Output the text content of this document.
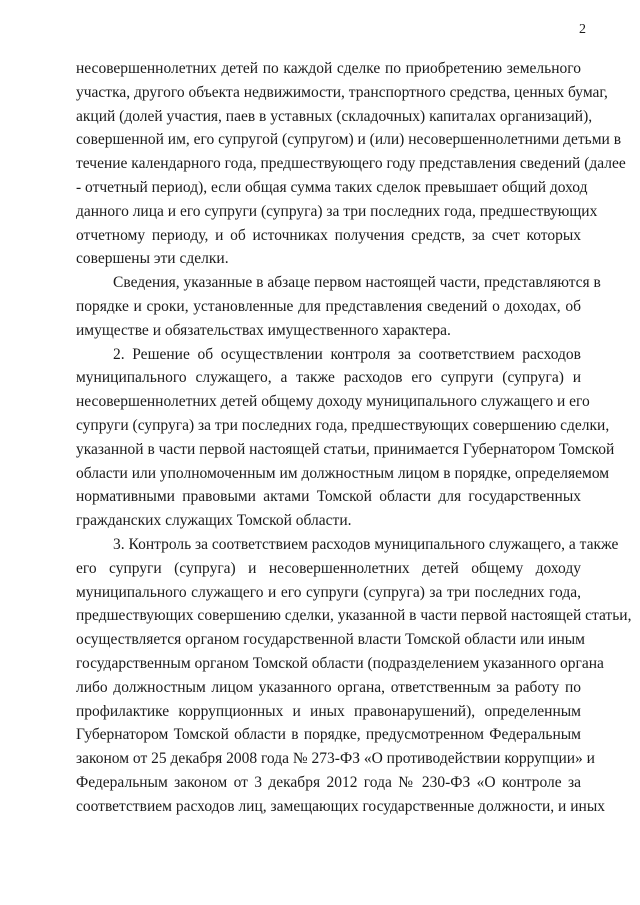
2
несовершеннолетних детей по каждой сделке по приобретению земельного
участка, другого объекта недвижимости, транспортного средства, ценных бумаг,
акций (долей участия, паев в уставных (складочных) капиталах организаций),
совершенной им, его супругой (супругом) и (или) несовершеннолетними детьми в
течение календарного года, предшествующего году представления сведений (далее
- отчетный период), если общая сумма таких сделок превышает общий доход
данного лица и его супруги (супруга) за три последних года, предшествующих
отчетному периоду, и об источниках получения средств, за счет которых
совершены эти сделки.
Сведения, указанные в абзаце первом настоящей части, представляются в
порядке и сроки, установленные для представления сведений о доходах, об
имуществе и обязательствах имущественного характера.
2. Решение об осуществлении контроля за соответствием расходов
муниципального служащего, а также расходов его супруги (супруга) и
несовершеннолетних детей общему доходу муниципального служащего и его
супруги (супруга) за три последних года, предшествующих совершению сделки,
указанной в части первой настоящей статьи, принимается Губернатором Томской
области или уполномоченным им должностным лицом в порядке, определяемом
нормативными правовыми актами Томской области для государственных
гражданских служащих Томской области.
3. Контроль за соответствием расходов муниципального служащего, а также
его супруги (супруга) и несовершеннолетних детей общему доходу
муниципального служащего и его супруги (супруга) за три последних года,
предшествующих совершению сделки, указанной в части первой настоящей статьи,
осуществляется органом государственной власти Томской области или иным
государственным органом Томской области (подразделением указанного органа
либо должностным лицом указанного органа, ответственным за работу по
профилактике коррупционных и иных правонарушений), определенным
Губернатором Томской области в порядке, предусмотренном Федеральным
законом от 25 декабря 2008 года № 273-ФЗ «О противодействии коррупции» и
Федеральным законом от 3 декабря 2012 года № 230-ФЗ «О контроле за
соответствием расходов лиц, замещающих государственные должности, и иных
